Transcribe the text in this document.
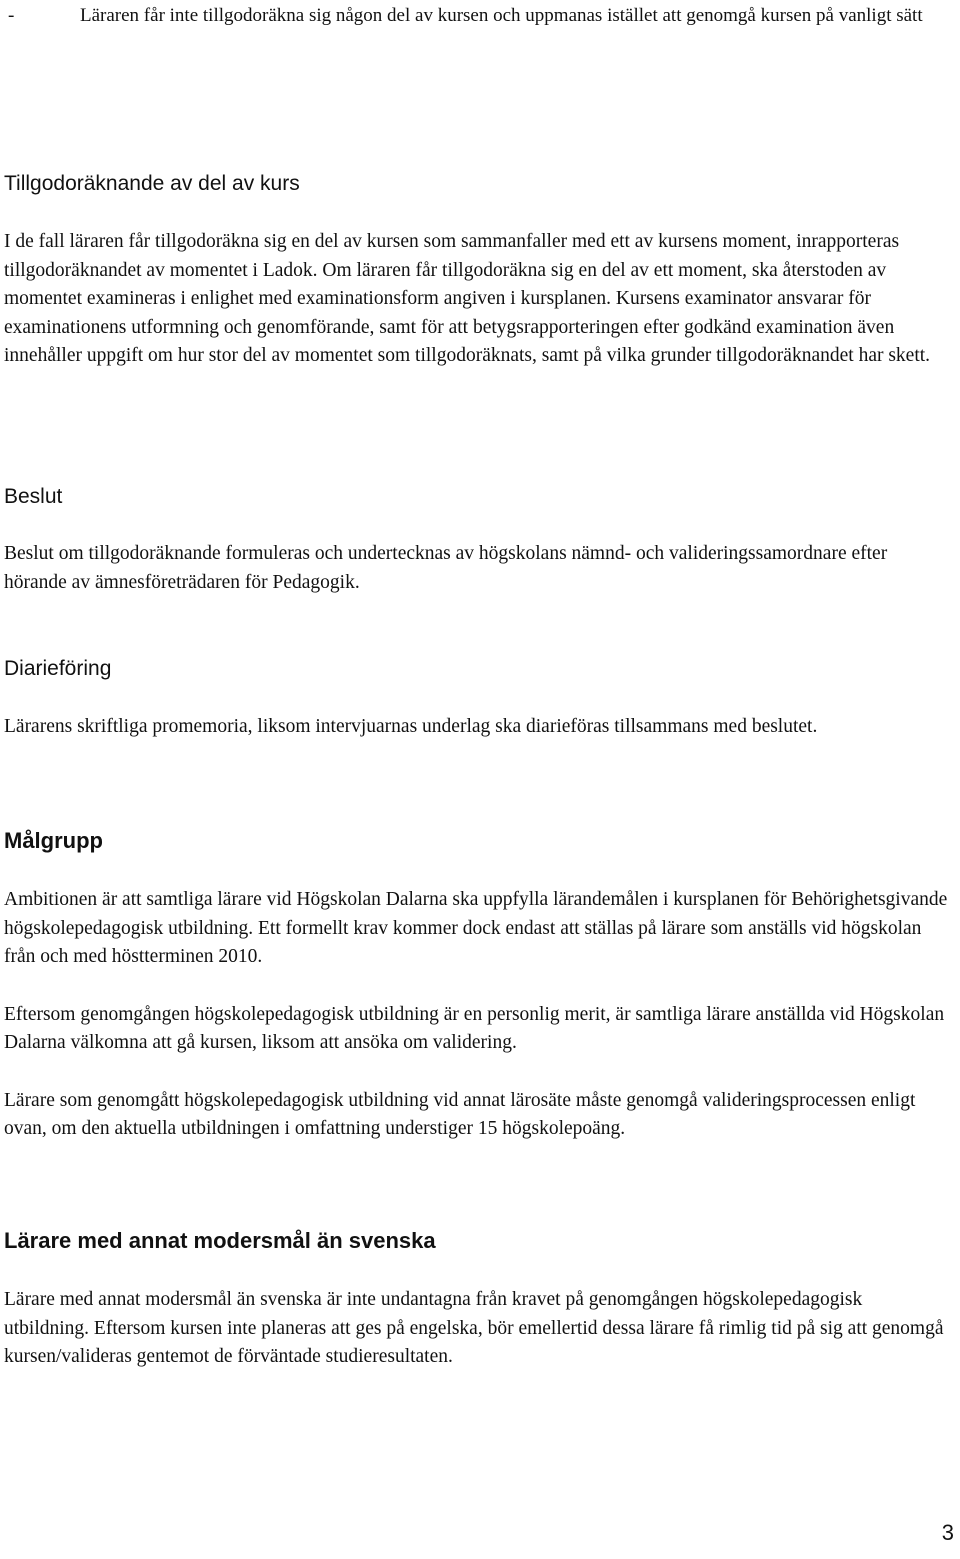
-	Läraren får inte tillgodoräkna sig någon del av kursen och uppmanas istället att genomgå kursen på vanligt sätt
Tillgodoräknande av del av kurs

I de fall läraren får tillgodoräkna sig en del av kursen som sammanfaller med ett av kursens moment, inrapporteras tillgodoräknandet av momentet i Ladok. Om läraren får tillgodoräkna sig en del av ett moment, ska återstoden av momentet examineras i enlighet med examinationsform angiven i kursplanen. Kursens examinator ansvarar för examinationens utformning och genomförande, samt för att betygsrapporteringen efter godkänd examination även innehåller uppgift om hur stor del av momentet som tillgodoräknats, samt på vilka grunder tillgodoräknandet har skett.

Beslut

Beslut om tillgodoräknande formuleras och undertecknas av högskolans nämnd- och valideringssamordnare efter hörande av ämnesföreträdaren för Pedagogik.

Diarieföring

Lärarens skriftliga promemoria, liksom intervjuarnas underlag ska diarieföras tillsammans med beslutet.

Målgrupp

Ambitionen är att samtliga lärare vid Högskolan Dalarna ska uppfylla lärandemålen i kursplanen för Behörighetsgivande högskolepedagogisk utbildning. Ett formellt krav kommer dock endast att ställas på lärare som anställs vid högskolan från och med höstterminen 2010.

Eftersom genomgången högskolepedagogisk utbildning är en personlig merit, är samtliga lärare anställda vid Högskolan Dalarna välkomna att gå kursen, liksom att ansöka om validering.

Lärare som genomgått högskolepedagogisk utbildning vid annat lärosäte måste genomgå valideringsprocessen enligt ovan, om den aktuella utbildningen i omfattning understiger 15 högskolepoäng.

Lärare med annat modersmål än svenska

Lärare med annat modersmål än svenska är inte undantagna från kravet på genomgången högskolepedagogisk utbildning. Eftersom kursen inte planeras att ges på engelska, bör emellertid dessa lärare få rimlig tid på sig att genomgå kursen/valideras gentemot de förväntade studieresultaten.

3
